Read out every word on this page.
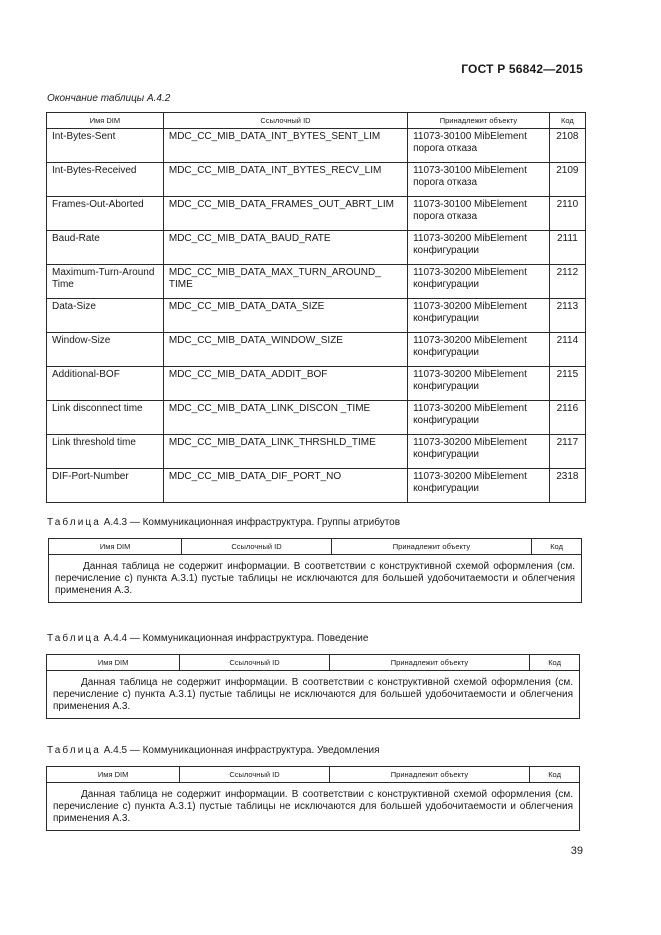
ГОСТ Р 56842—2015
Окончание таблицы А.4.2
Имя DIM	Ссылочный ID	Принадлежит объекту	Код
Int-Bytes-Sent	MDC_CC_MIB_DATA_INT_BYTES_SENT_LIM	11073-30100 MibElement порога отказа	2108
Int-Bytes-Received	MDC_CC_MIB_DATA_INT_BYTES_RECV_LIM	11073-30100 MibElement порога отказа	2109
Frames-Out-Aborted	MDC_CC_MIB_DATA_FRAMES_OUT_ABRT_LIM	11073-30100 MibElement порога отказа	2110
Baud-Rate	MDC_CC_MIB_DATA_BAUD_RATE	11073-30200 MibElement конфигурации	2111
Maximum-Turn-Around Time	MDC_CC_MIB_DATA_MAX_TURN_AROUND_ TIME	11073-30200 MibElement конфигурации	2112
Data-Size	MDC_CC_MIB_DATA_DATA_SIZE	11073-30200 MibElement конфигурации	2113
Window-Size	MDC_CC_MIB_DATA_WINDOW_SIZE	11073-30200 MibElement конфигурации	2114
Additional-BOF	MDC_CC_MIB_DATA_ADDIT_BOF	11073-30200 MibElement конфигурации	2115
Link disconnect time	MDC_CC_MIB_DATA_LINK_DISCON _TIME	11073-30200 MibElement конфигурации	2116
Link threshold time	MDC_CC_MIB_DATA_LINK_THRSHLD_TIME	11073-30200 MibElement конфигурации	2117
DIF-Port-Number	MDC_CC_MIB_DATA_DIF_PORT_NO	11073-30200 MibElement конфигурации	2318
Таблица А.4.3 — Коммуникационная инфраструктура. Группы атрибутов
Имя DIM	Ссылочный ID	Принадлежит объекту	Код
Данная таблица не содержит информации. В соответствии с конструктивной схемой оформления (см. перечисление с) пункта А.3.1) пустые таблицы не исключаются для большей удобочитаемости и облегчения применения А.3.
Таблица А.4.4 — Коммуникационная инфраструктура. Поведение
Имя DIM	Ссылочный ID	Принадлежит объекту	Код
Данная таблица не содержит информации. В соответствии с конструктивной схемой оформления (см. перечисление с) пункта А.3.1) пустые таблицы не исключаются для большей удобочитаемости и облегчения применения А.3.
Таблица А.4.5 — Коммуникационная инфраструктура. Уведомления
Имя DIM	Ссылочный ID	Принадлежит объекту	Код
Данная таблица не содержит информации. В соответствии с конструктивной схемой оформления (см. перечисление с) пункта А.3.1) пустые таблицы не исключаются для большей удобочитаемости и облегчения применения А.3.
39
